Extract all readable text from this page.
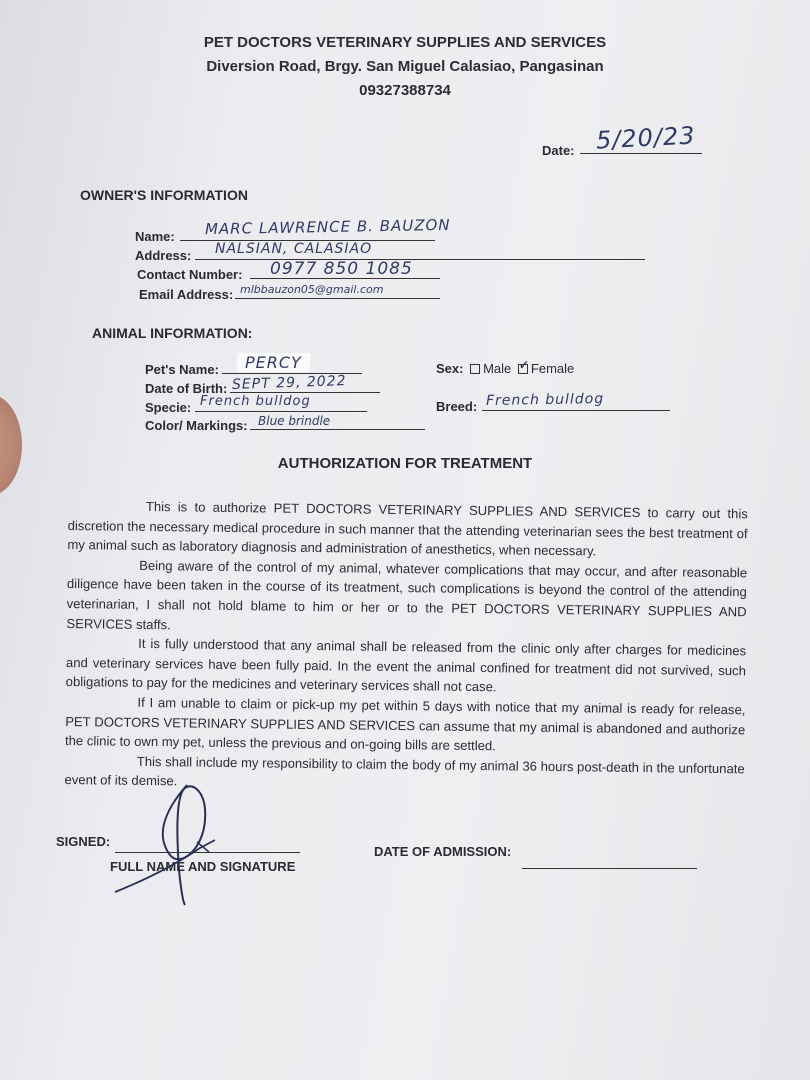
PET DOCTORS VETERINARY SUPPLIES AND SERVICES
Diversion Road, Brgy. San Miguel Calasiao, Pangasinan
09327388734
Date: 5/20/23
OWNER'S INFORMATION
Name: MARC LAWRENCE B. BAUZON
Address: NALSIAN, CALASIAO
Contact Number: 0977 850 1085
Email Address: mlbbauzon05@gmail.com
ANIMAL INFORMATION:
Pet's Name:	PERCY
Date of Birth: SEPT 29, 2022
Specie: French bulldog
Color/ Markings: Blue brindle
Sex: Male ✓ Female
Breed: French bulldog
AUTHORIZATION FOR TREATMENT

This is to authorize PET DOCTORS VETERINARY SUPPLIES AND SERVICES to carry out this discretion the necessary medical procedure in such manner that the attending veterinarian sees the best treatment of my animal such as laboratory diagnosis and administration of anesthetics, when necessary.

Being aware of the control of my animal, whatever complications that may occur, and after reasonable diligence have been taken in the course of its treatment, such complications is beyond the control of the attending veterinarian, I shall not hold blame to him or her or to the PET DOCTORS VETERINARY SUPPLIES AND SERVICES staffs.

It is fully understood that any animal shall be released from the clinic only after charges for medicines and veterinary services have been fully paid. In the event the animal confined for treatment did not survived, such obligations to pay for the medicines and veterinary services shall not case.

If I am unable to claim or pick-up my pet within 5 days with notice that my animal is ready for release, PET DOCTORS VETERINARY SUPPLIES AND SERVICES can assume that my animal is abandoned and authorize the clinic to own my pet, unless the previous and on-going bills are settled.

This shall include my responsibility to claim the body of my animal 36 hours post-death in the unfortunate event of its demise.

SIGNED:
FULL NAME AND SIGNATURE
DATE OF ADMISSION:
